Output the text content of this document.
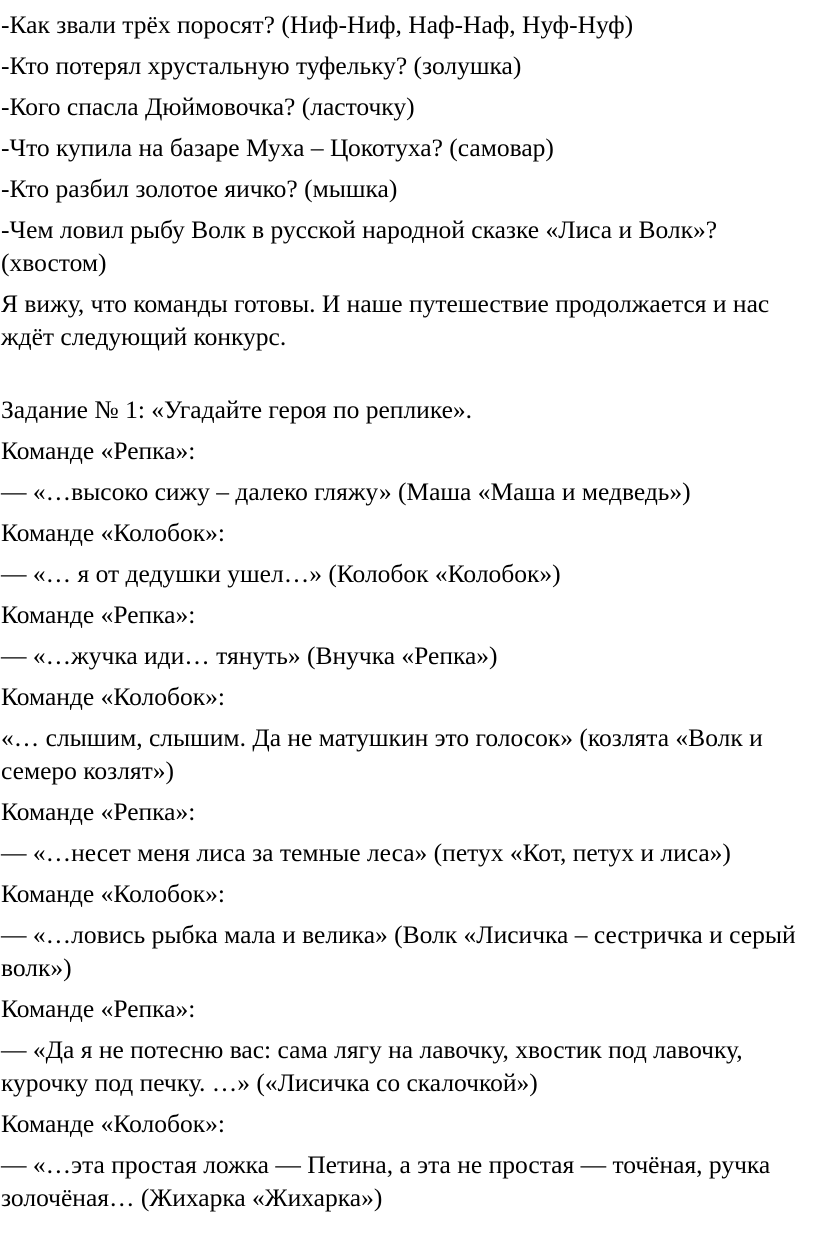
-Как звали трёх поросят? (Ниф-Ниф, Наф-Наф, Нуф-Нуф)
-Кто потерял хрустальную туфельку? (золушка)
-Кого спасла Дюймовочка? (ласточку)
-Что купила на базаре Муха – Цокотуха? (самовар)
-Кто разбил золотое яичко? (мышка)
-Чем ловил рыбу Волк в русской народной сказке «Лиса и Волк»? (хвостом)
Я вижу, что команды готовы. И наше путешествие продолжается и нас ждёт следующий конкурс.
Задание № 1: «Угадайте героя по реплике».
Команде «Репка»:
— «…высоко сижу – далеко гляжу» (Маша «Маша и медведь»)
Команде «Колобок»:
— «… я от дедушки ушел…» (Колобок «Колобок»)
Команде «Репка»:
— «…жучка иди… тянуть» (Внучка «Репка»)
Команде «Колобок»:
«… слышим, слышим. Да не матушкин это голосок» (козлята «Волк и семеро козлят»)
Команде «Репка»:
— «…несет меня лиса за темные леса» (петух «Кот, петух и лиса»)
Команде «Колобок»:
— «…ловись рыбка мала и велика» (Волк «Лисичка – сестричка и серый волк»)
Команде «Репка»:
— «Да я не потесню вас: сама лягу на лавочку, хвостик под лавочку, курочку под печку. …» («Лисичка со скалочкой»)
Команде «Колобок»:
— «…эта простая ложка — Петина, а эта не простая — точёная, ручка золочёная… (Жихарка «Жихарка»)
